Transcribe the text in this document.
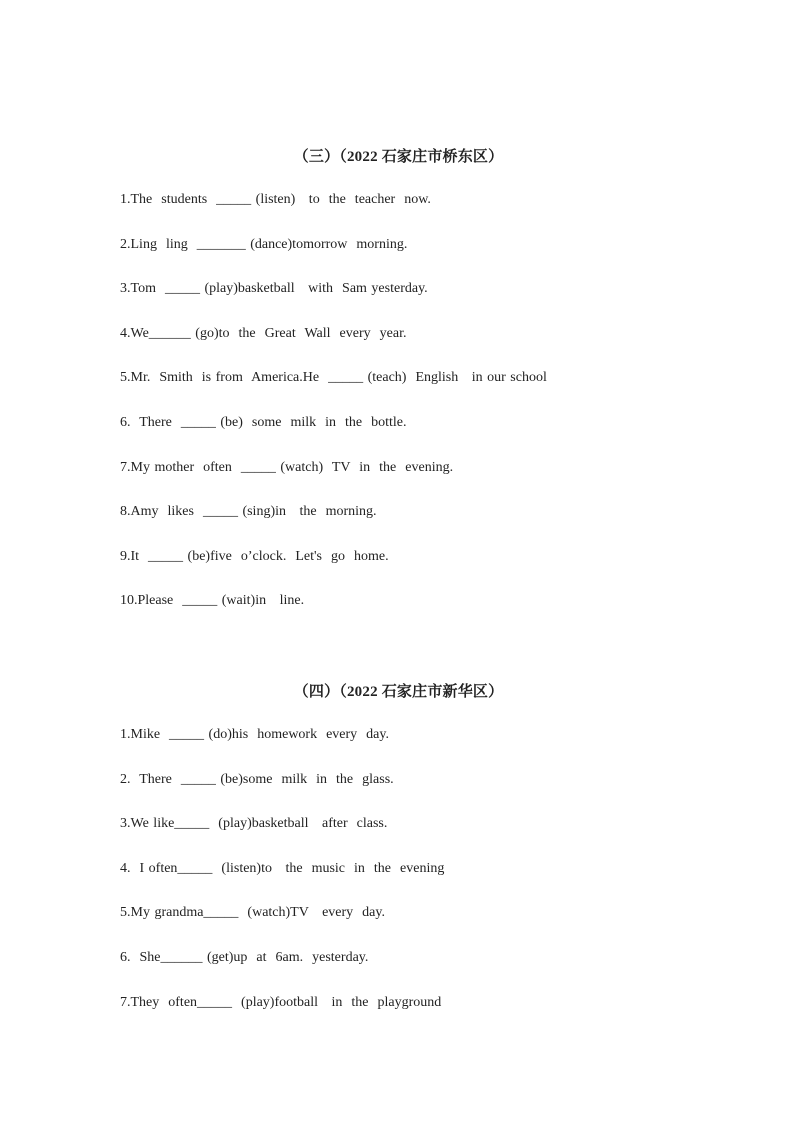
（三）（2022 石家庄市桥东区）
1.The  students  _____ (listen)   to  the  teacher  now.
2.Ling  ling  _______ (dance)tomorrow  morning.
3.Tom  _____ (play)basketball   with  Sam yesterday.
4.We______ (go)to  the  Great  Wall  every  year.
5.Mr.  Smith  is from  America.He  _____ (teach)  English   in our school
6.  There  _____ (be)  some  milk  in  the  bottle.
7.My mother  often  _____ (watch)  TV  in  the  evening.
8.Amy  likes  _____ (sing)in   the  morning.
9.It  _____ (be)five  o’clock.  Let's  go  home.
10.Please  _____ (wait)in   line.
（四）（2022 石家庄市新华区）
1.Mike  _____ (do)his  homework  every  day.
2.  There  _____ (be)some  milk  in  the  glass.
3.We like_____  (play)basketball   after  class.
4.  I often_____  (listen)to   the  music  in  the  evening
5.My grandma_____  (watch)TV   every  day.
6.  She______ (get)up  at  6am.  yesterday.
7.They  often_____  (play)football   in  the  playground
